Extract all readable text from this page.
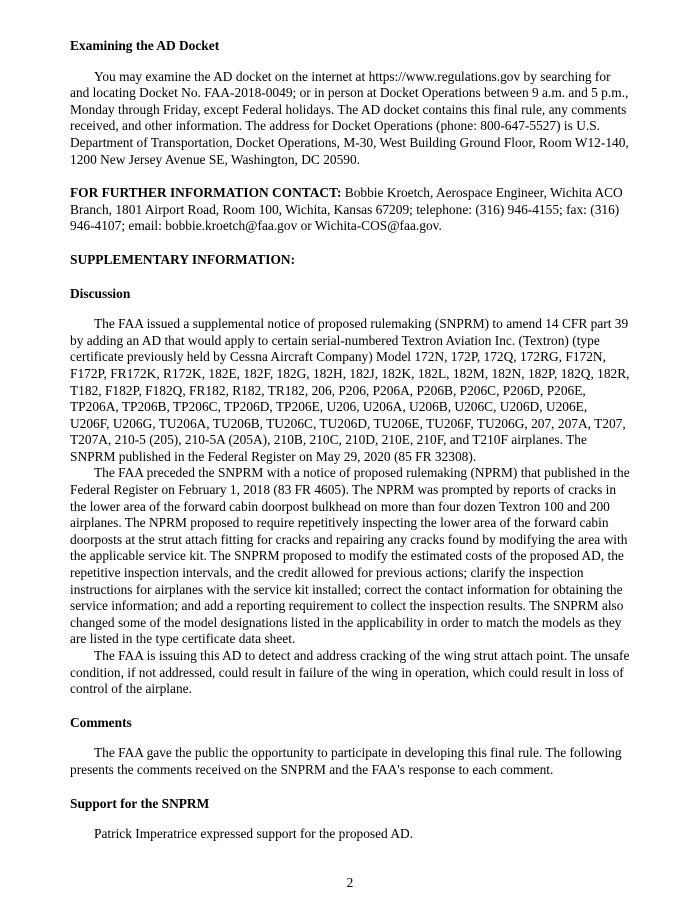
Examining the AD Docket

You may examine the AD docket on the internet at https://www.regulations.gov by searching for and locating Docket No. FAA-2018-0049; or in person at Docket Operations between 9 a.m. and 5 p.m., Monday through Friday, except Federal holidays. The AD docket contains this final rule, any comments received, and other information. The address for Docket Operations (phone: 800-647-5527) is U.S. Department of Transportation, Docket Operations, M-30, West Building Ground Floor, Room W12-140, 1200 New Jersey Avenue SE, Washington, DC 20590.

FOR FURTHER INFORMATION CONTACT: Bobbie Kroetch, Aerospace Engineer, Wichita ACO Branch, 1801 Airport Road, Room 100, Wichita, Kansas 67209; telephone: (316) 946-4155; fax: (316) 946-4107; email: bobbie.kroetch@faa.gov or Wichita-COS@faa.gov.

SUPPLEMENTARY INFORMATION:

Discussion

The FAA issued a supplemental notice of proposed rulemaking (SNPRM) to amend 14 CFR part 39 by adding an AD that would apply to certain serial-numbered Textron Aviation Inc. (Textron) (type certificate previously held by Cessna Aircraft Company) Model 172N, 172P, 172Q, 172RG, F172N, F172P, FR172K, R172K, 182E, 182F, 182G, 182H, 182J, 182K, 182L, 182M, 182N, 182P, 182Q, 182R, T182, F182P, F182Q, FR182, R182, TR182, 206, P206, P206A, P206B, P206C, P206D, P206E, TP206A, TP206B, TP206C, TP206D, TP206E, U206, U206A, U206B, U206C, U206D, U206E, U206F, U206G, TU206A, TU206B, TU206C, TU206D, TU206E, TU206F, TU206G, 207, 207A, T207, T207A, 210-5 (205), 210-5A (205A), 210B, 210C, 210D, 210E, 210F, and T210F airplanes. The SNPRM published in the Federal Register on May 29, 2020 (85 FR 32308).

The FAA preceded the SNPRM with a notice of proposed rulemaking (NPRM) that published in the Federal Register on February 1, 2018 (83 FR 4605). The NPRM was prompted by reports of cracks in the lower area of the forward cabin doorpost bulkhead on more than four dozen Textron 100 and 200 airplanes. The NPRM proposed to require repetitively inspecting the lower area of the forward cabin doorposts at the strut attach fitting for cracks and repairing any cracks found by modifying the area with the applicable service kit. The SNPRM proposed to modify the estimated costs of the proposed AD, the repetitive inspection intervals, and the credit allowed for previous actions; clarify the inspection instructions for airplanes with the service kit installed; correct the contact information for obtaining the service information; and add a reporting requirement to collect the inspection results. The SNPRM also changed some of the model designations listed in the applicability in order to match the models as they are listed in the type certificate data sheet.

The FAA is issuing this AD to detect and address cracking of the wing strut attach point. The unsafe condition, if not addressed, could result in failure of the wing in operation, which could result in loss of control of the airplane.

Comments

The FAA gave the public the opportunity to participate in developing this final rule. The following presents the comments received on the SNPRM and the FAA's response to each comment.

Support for the SNPRM

Patrick Imperatrice expressed support for the proposed AD.

2
